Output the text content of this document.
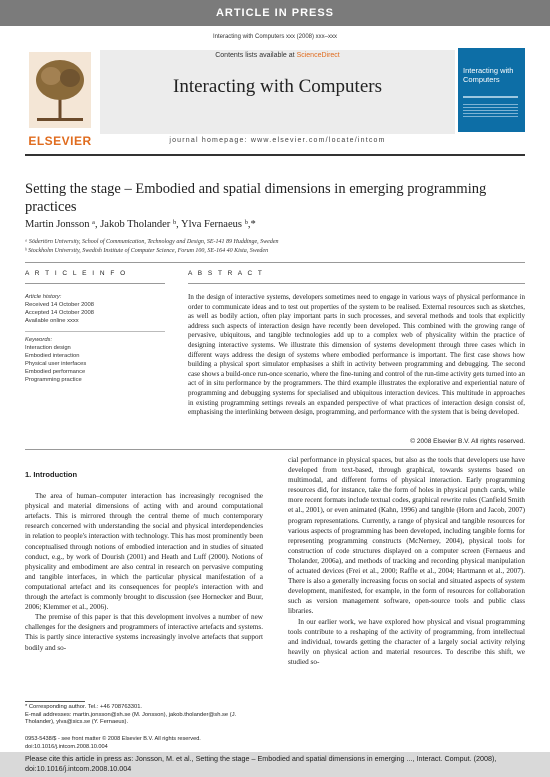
ARTICLE IN PRESS
Interacting with Computers xxx (2008) xxx–xxx
ELSEVIER
Contents lists available at ScienceDirect
Interacting with Computers
journal homepage: www.elsevier.com/locate/intcom
Interacting with Computers
Setting the stage – Embodied and spatial dimensions in emerging programming practices
Martin Jonsson ᵃ, Jakob Tholander ᵇ, Ylva Fernaeus ᵇ,*
ᵃ Södertörn University, School of Communication, Technology and Design, SE-141 89 Huddinge, Sweden
ᵇ Stockholm University, Swedish Institute of Computer Science, Forum 100, SE-164 40 Kista, Sweden
A R T I C L E I N F O	A B S T R A C T
Article history:
Received 14 October 2008
Accepted 14 October 2008
Available online xxxx
Keywords:
Interaction design
Embodied interaction
Physical user interfaces
Embodied performance
Programming practice
In the design of interactive systems, developers sometimes need to engage in various ways of physical performance in order to communicate ideas and to test out properties of the system to be realised. External resources such as sketches, as well as bodily action, often play important parts in such processes, and several methods and tools that explicitly address such aspects of interaction design have recently been developed. This combined with the growing range of pervasive, ubiquitous, and tangible technologies add up to a complex web of physicality within the practice of designing interactive systems. We illustrate this dimension of systems development through three cases which in different ways address the design of systems where embodied performance is important. The first case shows how building a physical sport simulator emphasises a shift in activity between programming and debugging. The second case shows a build-once run-once scenario, where the fine-tuning and control of the run-time activity gets turned into an act of in situ performance by the programmers. The third example illustrates the explorative and experiential nature of programming and debugging systems for specialised and ubiquitous interaction devices. This multitude in approaches in existing programming settings reveals an expanded perspective of what practices of interaction design consist of, emphasising the interlinking between design, programming, and performance with the system that is being developed.
© 2008 Elsevier B.V. All rights reserved.
1. Introduction

The area of human–computer interaction has increasingly recognised the physical and material dimensions of acting with and around computational artefacts. This is mirrored through the central theme of much contemporary research concerned with understanding the social and physical interdependencies in relation to people's interaction with technology. This has most prominently been conceptualised through notions of embodied interaction and in studies of situated conduct, e.g., by work of Dourish (2001) and Heath and Luff (2000). Notions of physicality and embodiment are also central in research on pervasive computing and tangible interfaces, in which the particular physical manifestation of a computational artefact and its consequences for people's interaction with and through the artefact is commonly brought to discussion (see Hornecker and Buur, 2006; Klemmer et al., 2006).

The premise of this paper is that this development involves a number of new challenges for the designers and programmers of interactive artefacts and systems. This is partly since interactive systems increasingly involve artefacts that support bodily and so-

cial performance in physical spaces, but also as the tools that developers use have developed from text-based, through graphical, towards systems based on multimodal, and different forms of physical interaction. Early programming resources did, for instance, take the form of holes in physical punch cards, while more recent formats include textual codes, graphical rewrite rules (Canfield Smith et al., 2001), or even animated (Kahn, 1996) and tangible (Horn and Jacob, 2007) program representations. Currently, a range of physical and tangible resources for various aspects of programming has been developed, including tangible forms for representing programming constructs (McNerney, 2004), physical tools for construction of code structures displayed on a computer screen (Fernaeus and Tholander, 2006a), and methods of tracking and recording physical manipulation of actuated devices (Frei et al., 2000; Raffle et al., 2004; Hartmann et al., 2007). There is also a generally increasing focus on social and situated aspects of system development, manifested, for example, in the form of resources for collaboration such as version management software, open-source tools and public class libraries.

In our earlier work, we have explored how physical and visual programming tools contribute to a reshaping of the activity of programming, from intellectual and individual, towards getting the character of a largely social activity relying heavily on physical action and material resources. To describe this shift, we studied so-

* Corresponding author. Tel.: +46 708763301.
E-mail addresses: martin.jonsson@sh.se (M. Jonsson), jakob.tholander@sh.se (J. Tholander), ylva@sics.se (Y. Fernaeus).
0953-5438/$ - see front matter © 2008 Elsevier B.V. All rights reserved.
doi:10.1016/j.intcom.2008.10.004
Please cite this article in press as: Jonsson, M. et al., Setting the stage – Embodied and spatial dimensions in emerging ..., Interact. Comput. (2008), doi:10.1016/j.intcom.2008.10.004
